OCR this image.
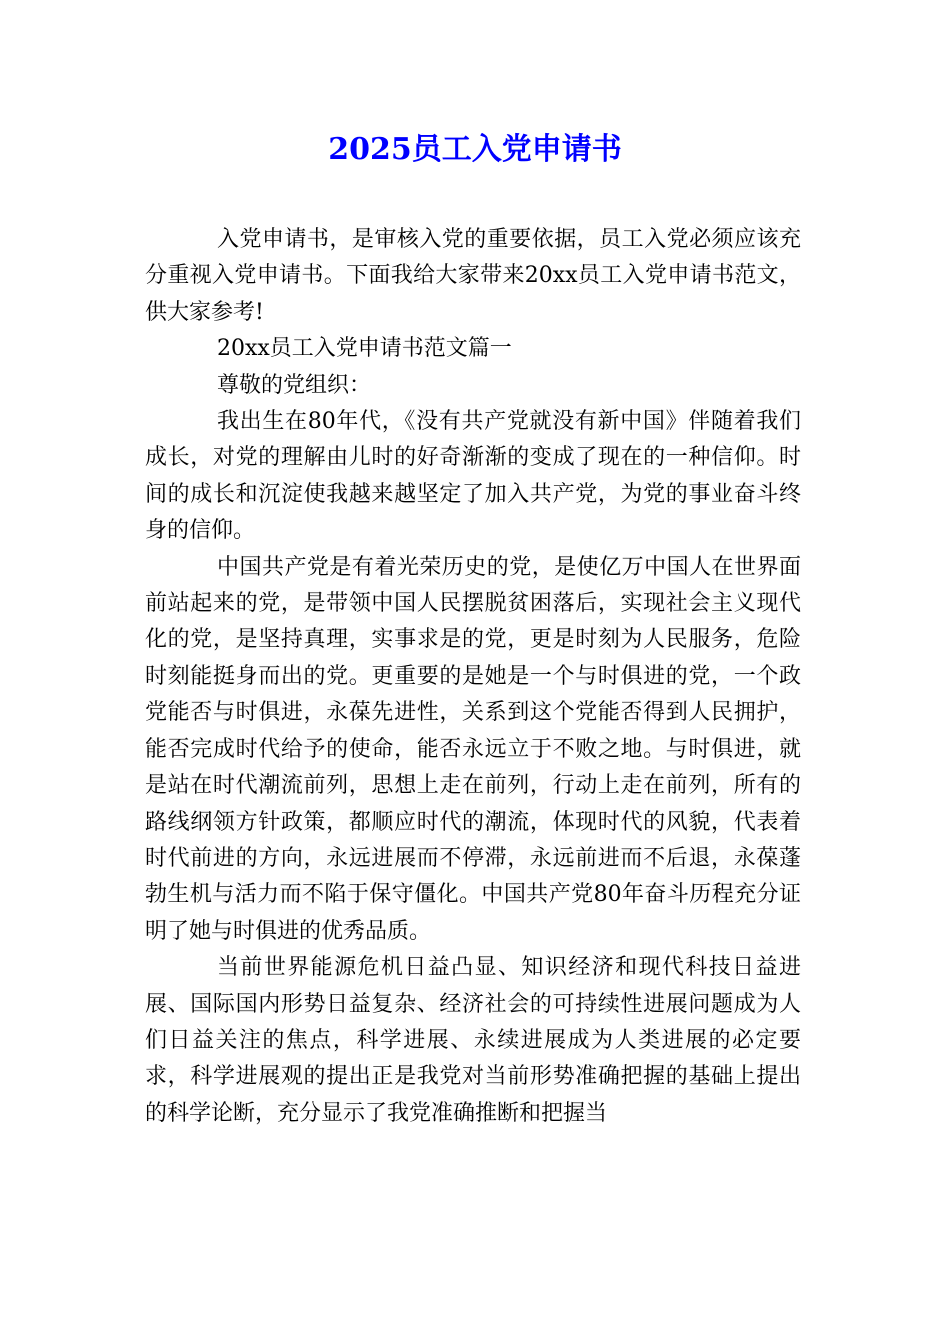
2025员工入党申请书

入党申请书，是审核入党的重要依据，员工入党必须应该充分重视入党申请书。下面我给大家带来20xx员工入党申请书范文，供大家参考!

20xx员工入党申请书范文篇一

尊敬的党组织：

我出生在80年代，《没有共产党就没有新中国》伴随着我们成长，对党的理解由儿时的好奇渐渐的变成了现在的一种信仰。时间的成长和沉淀使我越来越坚定了加入共产党，为党的事业奋斗终身的信仰。

中国共产党是有着光荣历史的党，是使亿万中国人在世界面前站起来的党，是带领中国人民摆脱贫困落后，实现社会主义现代化的党，是坚持真理，实事求是的党，更是时刻为人民服务，危险时刻能挺身而出的党。更重要的是她是一个与时俱进的党，一个政党能否与时俱进，永葆先进性，关系到这个党能否得到人民拥护，能否完成时代给予的使命，能否永远立于不败之地。与时俱进，就是站在时代潮流前列，思想上走在前列，行动上走在前列，所有的路线纲领方针政策，都顺应时代的潮流，体现时代的风貌，代表着时代前进的方向，永远进展而不停滞，永远前进而不后退，永葆蓬勃生机与活力而不陷于保守僵化。中国共产党80年奋斗历程充分证明了她与时俱进的优秀品质。

当前世界能源危机日益凸显、知识经济和现代科技日益进展、国际国内形势日益复杂、经济社会的可持续性进展问题成为人们日益关注的焦点，科学进展、永续进展成为人类进展的必定要求，科学进展观的提出正是我党对当前形势准确把握的基础上提出的科学论断，充分显示了我党准确推断和把握当
